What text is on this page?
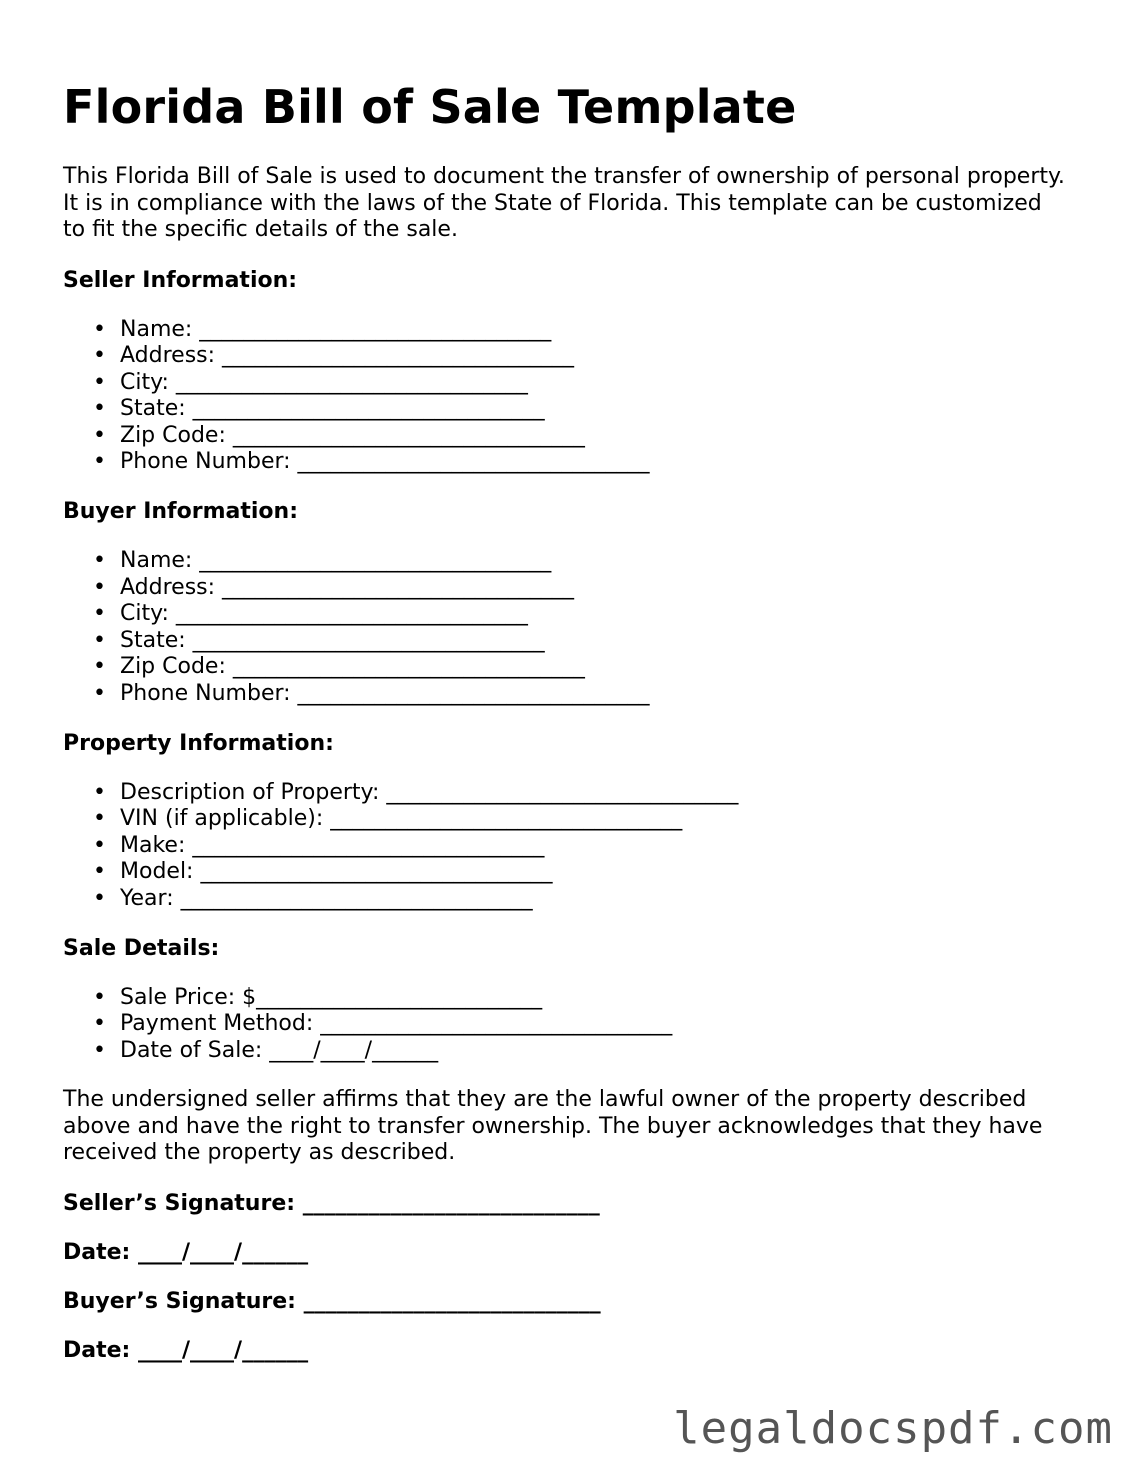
Florida Bill of Sale Template

This Florida Bill of Sale is used to document the transfer of ownership of personal property.
It is in compliance with the laws of the State of Florida. This template can be customized
to fit the specific details of the sale.

Seller Information:
• Name: ________________________________
• Address: ________________________________
• City: ________________________________
• State: ________________________________
• Zip Code: ________________________________
• Phone Number: ________________________________
Buyer Information:
• Name: ________________________________
• Address: ________________________________
• City: ________________________________
• State: ________________________________
• Zip Code: ________________________________
• Phone Number: ________________________________
Property Information:
• Description of Property: ________________________________
• VIN (if applicable): ________________________________
• Make: ________________________________
• Model: ________________________________
• Year: ________________________________
Sale Details:
• Sale Price: $__________________________
• Payment Method: ________________________________
• Date of Sale: ____/____/______

The undersigned seller affirms that they are the lawful owner of the property described
above and have the right to transfer ownership. The buyer acknowledges that they have
received the property as described.

Seller’s Signature: ___________________________
Date: ____/____/______
Buyer’s Signature: ___________________________
Date: ____/____/______
legaldocspdf.com
